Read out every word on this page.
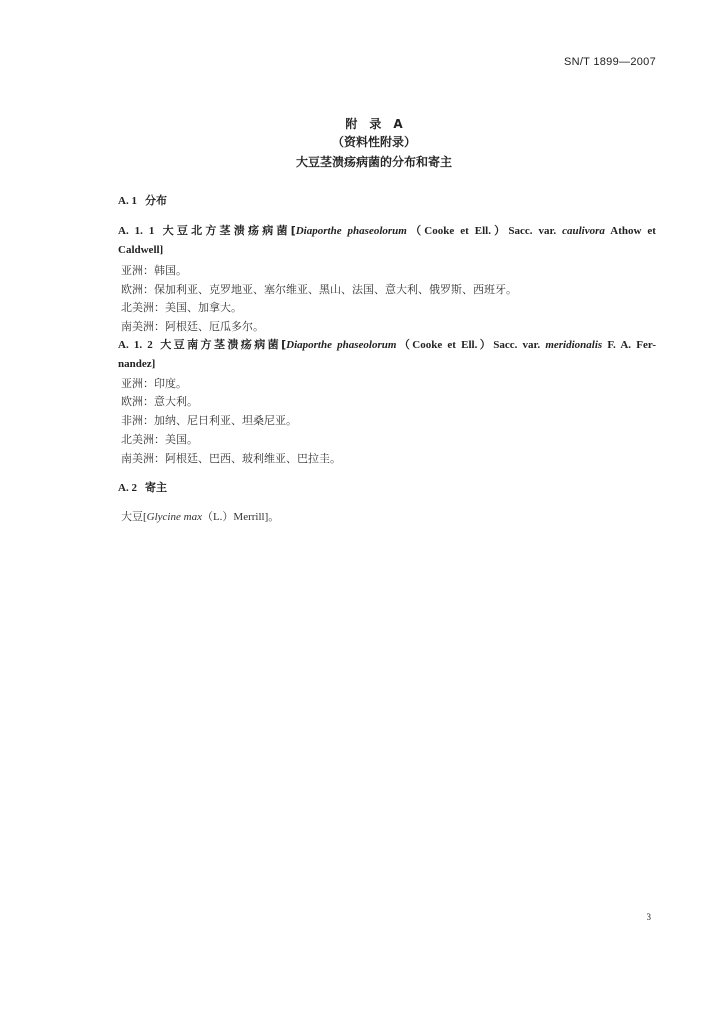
SN/T 1899—2007
附　录　A
（资料性附录）
大豆茎溃疡病菌的分布和寄主
A. 1 分布
A. 1. 1 大豆北方茎溃疡病菌[Diaporthe phaseolorum（Cooke et Ell.）Sacc. var. caulivora Athow et
Caldwell]
亚洲：韩国。
欧洲：保加利亚、克罗地亚、塞尔维亚、黑山、法国、意大利、俄罗斯、西班牙。
北美洲：美国、加拿大。
南美洲：阿根廷、厄瓜多尔。
A. 1. 2 大豆南方茎溃疡病菌[Diaporthe phaseolorum（Cooke et Ell.）Sacc. var. meridionalis F. A. Fer-
nandez]
亚洲：印度。
欧洲：意大利。
非洲：加纳、尼日利亚、坦桑尼亚。
北美洲：美国。
南美洲：阿根廷、巴西、玻利维亚、巴拉圭。
A. 2 寄主
大豆[Glycine max（L.）Merrill]。
3
